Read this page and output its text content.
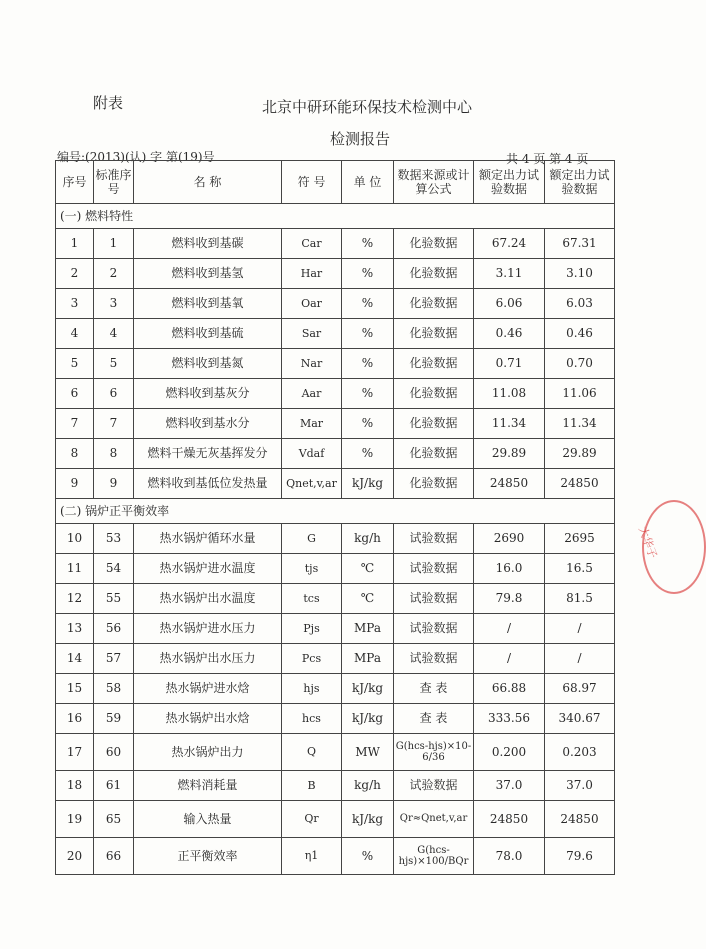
附表	北京中研环能环保技术检测中心
检测报告
编号:(2013)(认) 字 第(19)号	共 4 页 第 4 页
大华子
序号	标准序号	名 称	符 号	单 位	数据来源或计算公式	额定出力试验数据	额定出力试验数据
(一) 燃料特性							
1	1	燃料收到基碳	Car	%	化验数据	67.24	67.31
2	2	燃料收到基氢	Har	%	化验数据	3.11	3.10
3	3	燃料收到基氧	Oar	%	化验数据	6.06	6.03
4	4	燃料收到基硫	Sar	%	化验数据	0.46	0.46
5	5	燃料收到基氮	Nar	%	化验数据	0.71	0.70
6	6	燃料收到基灰分	Aar	%	化验数据	11.08	11.06
7	7	燃料收到基水分	Mar	%	化验数据	11.34	11.34
8	8	燃料干燥无灰基挥发分	Vdaf	%	化验数据	29.89	29.89
9	9	燃料收到基低位发热量	Qnet,v,ar	kJ/kg	化验数据	24850	24850
(二) 锅炉正平衡效率							
10	53	热水锅炉循环水量	G	kg/h	试验数据	2690	2695
11	54	热水锅炉进水温度	tjs	℃	试验数据	16.0	16.5
12	55	热水锅炉出水温度	tcs	℃	试验数据	79.8	81.5
13	56	热水锅炉进水压力	Pjs	MPa	试验数据	/	/
14	57	热水锅炉出水压力	Pcs	MPa	试验数据	/	/
15	58	热水锅炉进水焓	hjs	kJ/kg	查 表	66.88	68.97
16	59	热水锅炉出水焓	hcs	kJ/kg	查 表	333.56	340.67
17	60	热水锅炉出力	Q	MW	G(hcs-hjs)×10-6/36	0.200	0.203
18	61	燃料消耗量	B	kg/h	试验数据	37.0	37.0
19	65	输入热量	Qr	kJ/kg	Qr≈Qnet,v,ar	24850	24850
20	66	正平衡效率	η1	%	G(hcs-hjs)×100/BQr	78.0	79.6
